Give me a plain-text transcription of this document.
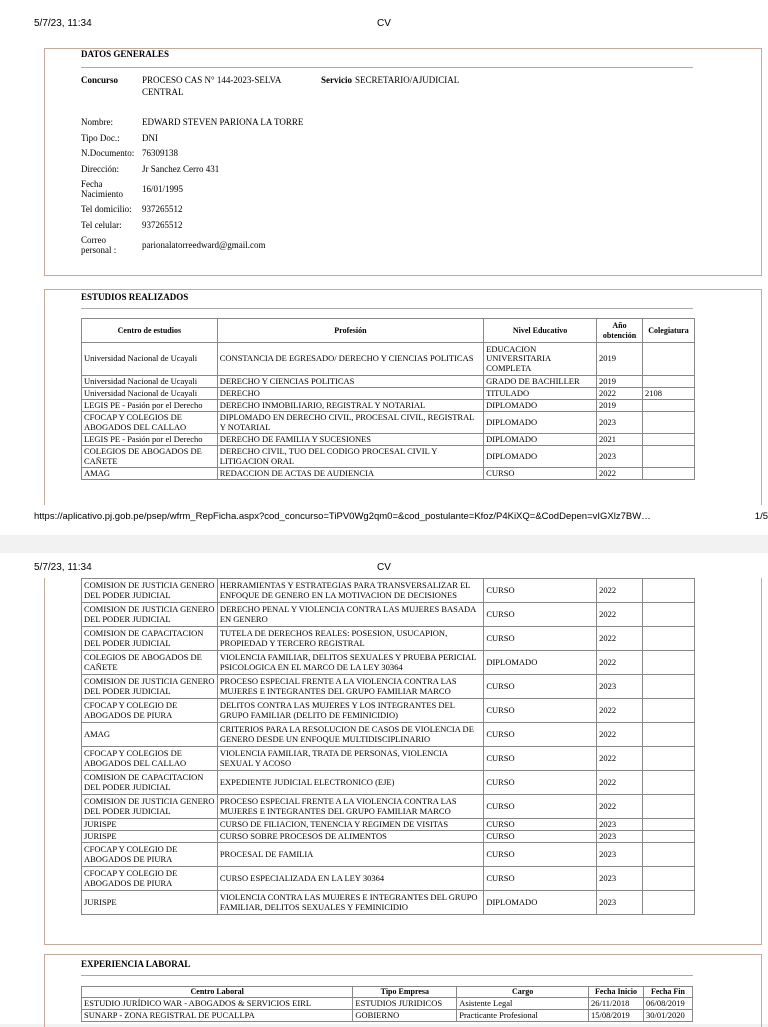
5/7/23, 11:34	CV
DATOS GENERALES
Concurso	PROCESO CAS N° 144-2023-SELVA
CENTRAL
Servicio SECRETARIO/AJUDICIAL
Nombre:	EDWARD STEVEN PARIONA LA TORRE
Tipo Doc.: DNI
N.Documento: 76309138
Dirección:	Jr Sanchez Cerro 431
Fecha Nacimiento	16/01/1995
Tel domicilio: 937265512
Tel celular: 937265512
Correo personal :	parionalatorreedward@gmail.com
ESTUDIOS REALIZADOS
Centro de estudios	Profesión	Nivel Educativo	Año obtención	Colegiatura
Universidad Nacional de Ucayali	CONSTANCIA DE EGRESADO/ DERECHO Y CIENCIAS POLITICAS	EDUCACION UNIVERSITARIA COMPLETA	2019	
Universidad Nacional de Ucayali	DERECHO Y CIENCIAS POLITICAS	GRADO DE BACHILLER	2019	
Universidad Nacional de Ucayali	DERECHO	TITULADO	2022	2108
LEGIS PE - Pasión por el Derecho	DERECHO INMOBILIARIO, REGISTRAL Y NOTARIAL	DIPLOMADO	2019	
CFOCAP Y COLEGIOS DE ABOGADOS DEL CALLAO	DIPLOMADO EN DERECHO CIVIL, PROCESAL CIVIL, REGISTRAL Y NOTARIAL	DIPLOMADO	2023	
LEGIS PE - Pasión por el Derecho	DERECHO DE FAMILIA Y SUCESIONES	DIPLOMADO	2021	
COLEGIOS DE ABOGADOS DE CAÑETE	DERECHO CIVIL, TUO DEL CODIGO PROCESAL CIVIL Y LITIGACION ORAL	DIPLOMADO	2023	
AMAG	REDACCION DE ACTAS DE AUDIENCIA	CURSO	2022	
https://aplicativo.pj.gob.pe/psep/wfrm_RepFicha.aspx?cod_concurso=TiPV0Wg2qm0=&cod_postulante=Kfoz/P4KiXQ=&CodDepen=vIGXlz7BW…	1/5
5/7/23, 11:34	CV
COMISION DE JUSTICIA GENERO DEL PODER JUDICIAL	HERRAMIENTAS Y ESTRATEGIAS PARA TRANSVERSALIZAR EL ENFOQUE DE GENERO EN LA MOTIVACION DE DECISIONES	CURSO	2022	
COMISION DE JUSTICIA GENERO DEL PODER JUDICIAL	DERECHO PENAL Y VIOLENCIA CONTRA LAS MUJERES BASADA EN GENERO	CURSO	2022	
COMISION DE CAPACITACION DEL PODER JUDICIAL	TUTELA DE DERECHOS REALES: POSESION, USUCAPION, PROPIEDAD Y TERCERO REGISTRAL	CURSO	2022	
COLEGIOS DE ABOGADOS DE CAÑETE	VIOLENCIA FAMILIAR, DELITOS SEXUALES Y PRUEBA PERICIAL PSICOLOGICA EN EL MARCO DE LA LEY 30364	DIPLOMADO	2022	
COMISION DE JUSTICIA GENERO DEL PODER JUDICIAL	PROCESO ESPECIAL FRENTE A LA VIOLENCIA CONTRA LAS MUJERES E INTEGRANTES DEL GRUPO FAMILIAR MARCO	CURSO	2023	
CFOCAP Y COLEGIO DE ABOGADOS DE PIURA	DELITOS CONTRA LAS MUJERES Y LOS INTEGRANTES DEL GRUPO FAMILIAR (DELITO DE FEMINICIDIO)	CURSO	2022	
AMAG	CRITERIOS PARA LA RESOLUCION DE CASOS DE VIOLENCIA DE GENERO DESDE UN ENFOQUE MULTIDISCIPLINARIO	CURSO	2022	
CFOCAP Y COLEGIOS DE ABOGADOS DEL CALLAO	VIOLENCIA FAMILIAR, TRATA DE PERSONAS, VIOLENCIA SEXUAL Y ACOSO	CURSO	2022	
COMISION DE CAPACITACION DEL PODER JUDICIAL	EXPEDIENTE JUDICIAL ELECTRONICO (EJE)	CURSO	2022	
COMISION DE JUSTICIA GENERO DEL PODER JUDICIAL	PROCESO ESPECIAL FRENTE A LA VIOLENCIA CONTRA LAS MUJERES E INTEGRANTES DEL GRUPO FAMILIAR MARCO	CURSO	2022	
JURISPE	CURSO DE FILIACION, TENENCIA Y REGIMEN DE VISITAS	CURSO	2023	
JURISPE	CURSO SOBRE PROCESOS DE ALIMENTOS	CURSO	2023	
CFOCAP Y COLEGIO DE ABOGADOS DE PIURA	PROCESAL DE FAMILIA	CURSO	2023	
CFOCAP Y COLEGIO DE ABOGADOS DE PIURA	CURSO ESPECIALIZADA EN LA LEY 30364	CURSO	2023	
JURISPE	VIOLENCIA CONTRA LAS MUJERES E INTEGRANTES DEL GRUPO FAMILIAR, DELITOS SEXUALES Y FEMINICIDIO	DIPLOMADO	2023	
EXPERIENCIA LABORAL
Centro Laboral	Tipo Empresa	Cargo	Fecha Inicio	Fecha Fin
ESTUDIO JURÍDICO WAR - ABOGADOS & SERVICIOS EIRL	ESTUDIOS JURIDICOS	Asistente Legal	26/11/2018	06/08/2019
SUNARP - ZONA REGISTRAL DE PUCALLPA	GOBIERNO	Practicante Profesional	15/08/2019	30/01/2020
